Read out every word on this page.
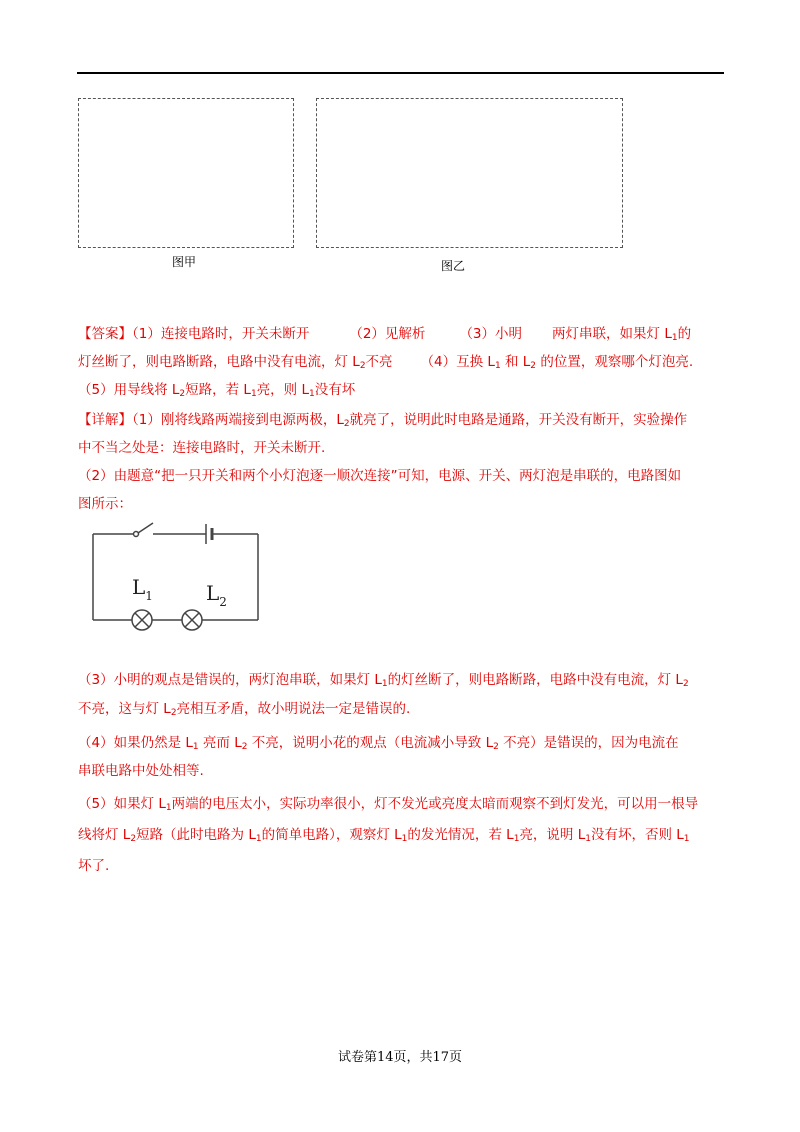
图甲	图乙
【答案】（1）连接电路时，开关未断开	（2）见解析	（3）小明 两灯串联，如果灯 $L_1$的
灯丝断了，则电路断路，电路中没有电流，灯 $L_2$不亮 （4）互换 $L_1$ 和 $L_2$ 的位置，观察哪个灯泡亮.
（5）用导线将 $L_2$短路，若 $L_1$亮，则 $L_1$没有坏
【详解】（1）刚将线路两端接到电源两极，$L_2$就亮了，说明此时电路是通路，开关没有断开，实验操作
中不当之处是：连接电路时，开关未断开.
（2）由题意“把一只开关和两个小灯泡逐一顺次连接”可知，电源、开关、两灯泡是串联的，电路图如
图所示：
$L_1$	$L_2$
（3）小明的观点是错误的，两灯泡串联，如果灯 $L_1$的灯丝断了，则电路断路，电路中没有电流，灯 $L_2$
不亮，这与灯 $L_2$亮相互矛盾，故小明说法一定是错误的.
（4）如果仍然是 $L_1$ 亮而 $L_2$ 不亮，说明小花的观点（电流减小导致 $L_2$ 不亮）是错误的，因为电流在
串联电路中处处相等.
（5）如果灯 $L_1$两端的电压太小，实际功率很小，灯不发光或亮度太暗而观察不到灯发光，可以用一根导
线将灯 $L_2$短路（此时电路为 $L_1$的简单电路），观察灯 $L_1$的发光情况，若 $L_1$亮，说明 $L_1$没有坏，否则 $L_1$
坏了.
试卷第14页，共17页
